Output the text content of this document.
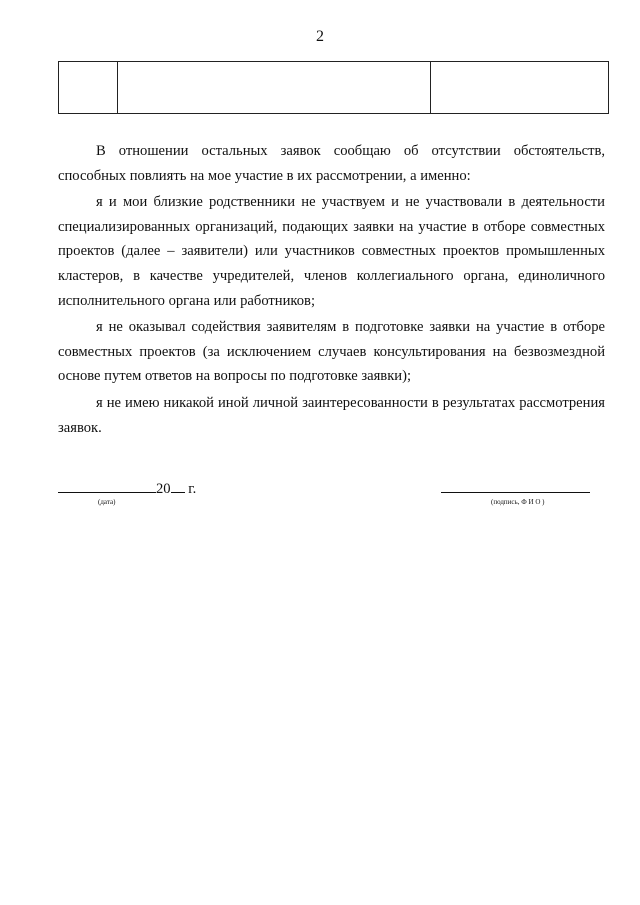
2

В отношении остальных заявок сообщаю об отсутствии обстоятельств, способных повлиять на мое участие в их рассмотрении, а именно:

я и мои близкие родственники не участвуем и не участвовали в деятельности специализированных организаций, подающих заявки на участие в отборе совместных проектов (далее – заявители) или участников совместных проектов промышленных кластеров, в качестве учредителей, членов коллегиального органа, единоличного исполнительного органа или работников;

я не оказывал содействия заявителям в подготовке заявки на участие в отборе совместных проектов (за исключением случаев консультирования на безвозмездной основе путем ответов на вопросы по подготовке заявки);

я не имею никакой иной личной заинтересованности в результатах рассмотрения заявок.

20 г.
(дата)	(подпись, Ф И О )
